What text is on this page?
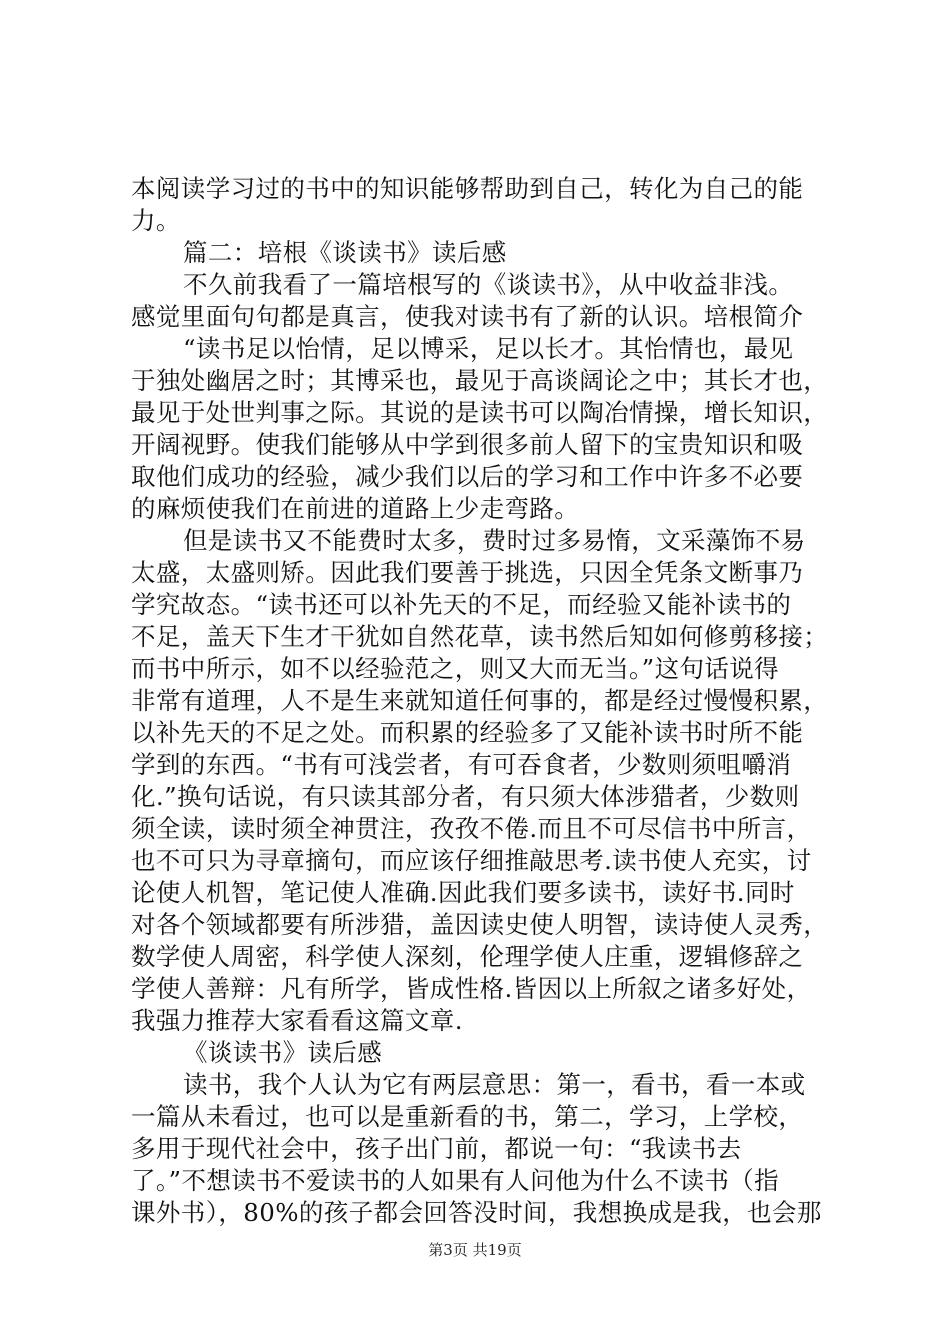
本阅读学习过的书中的知识能够帮助到自己，转化为自己的能
力。
篇二：培根《谈读书》读后感
不久前我看了一篇培根写的《谈读书》，从中收益非浅。
感觉里面句句都是真言，使我对读书有了新的认识。培根简介
“读书足以怡情，足以博采，足以长才。其怡情也，最见
于独处幽居之时；其博采也，最见于高谈阔论之中；其长才也，
最见于处世判事之际。其说的是读书可以陶冶情操，增长知识，
开阔视野。使我们能够从中学到很多前人留下的宝贵知识和吸
取他们成功的经验，减少我们以后的学习和工作中许多不必要
的麻烦使我们在前进的道路上少走弯路。
但是读书又不能费时太多，费时过多易惰，文采藻饰不易
太盛，太盛则矫。因此我们要善于挑选，只因全凭条文断事乃
学究故态。“读书还可以补先天的不足，而经验又能补读书的
不足，盖天下生才干犹如自然花草，读书然后知如何修剪移接；
而书中所示，如不以经验范之，则又大而无当。”这句话说得
非常有道理，人不是生来就知道任何事的，都是经过慢慢积累，
以补先天的不足之处。而积累的经验多了又能补读书时所不能
学到的东西。“书有可浅尝者，有可吞食者，少数则须咀嚼消
化.”换句话说，有只读其部分者，有只须大体涉猎者，少数则
须全读，读时须全神贯注，孜孜不倦.而且不可尽信书中所言，
也不可只为寻章摘句，而应该仔细推敲思考.读书使人充实，讨
论使人机智，笔记使人准确.因此我们要多读书，读好书.同时
对各个领域都要有所涉猎，盖因读史使人明智，读诗使人灵秀，
数学使人周密，科学使人深刻，伦理学使人庄重，逻辑修辞之
学使人善辩：凡有所学，皆成性格.皆因以上所叙之诸多好处，
我强力推荐大家看看这篇文章.
《谈读书》读后感
读书，我个人认为它有两层意思：第一，看书，看一本或
一篇从未看过，也可以是重新看的书，第二，学习，上学校，
多用于现代社会中，孩子出门前，都说一句：“我读书去
了。”不想读书不爱读书的人如果有人问他为什么不读书（指
课外书），80%的孩子都会回答没时间，我想换成是我，也会那
第3页 共19页
